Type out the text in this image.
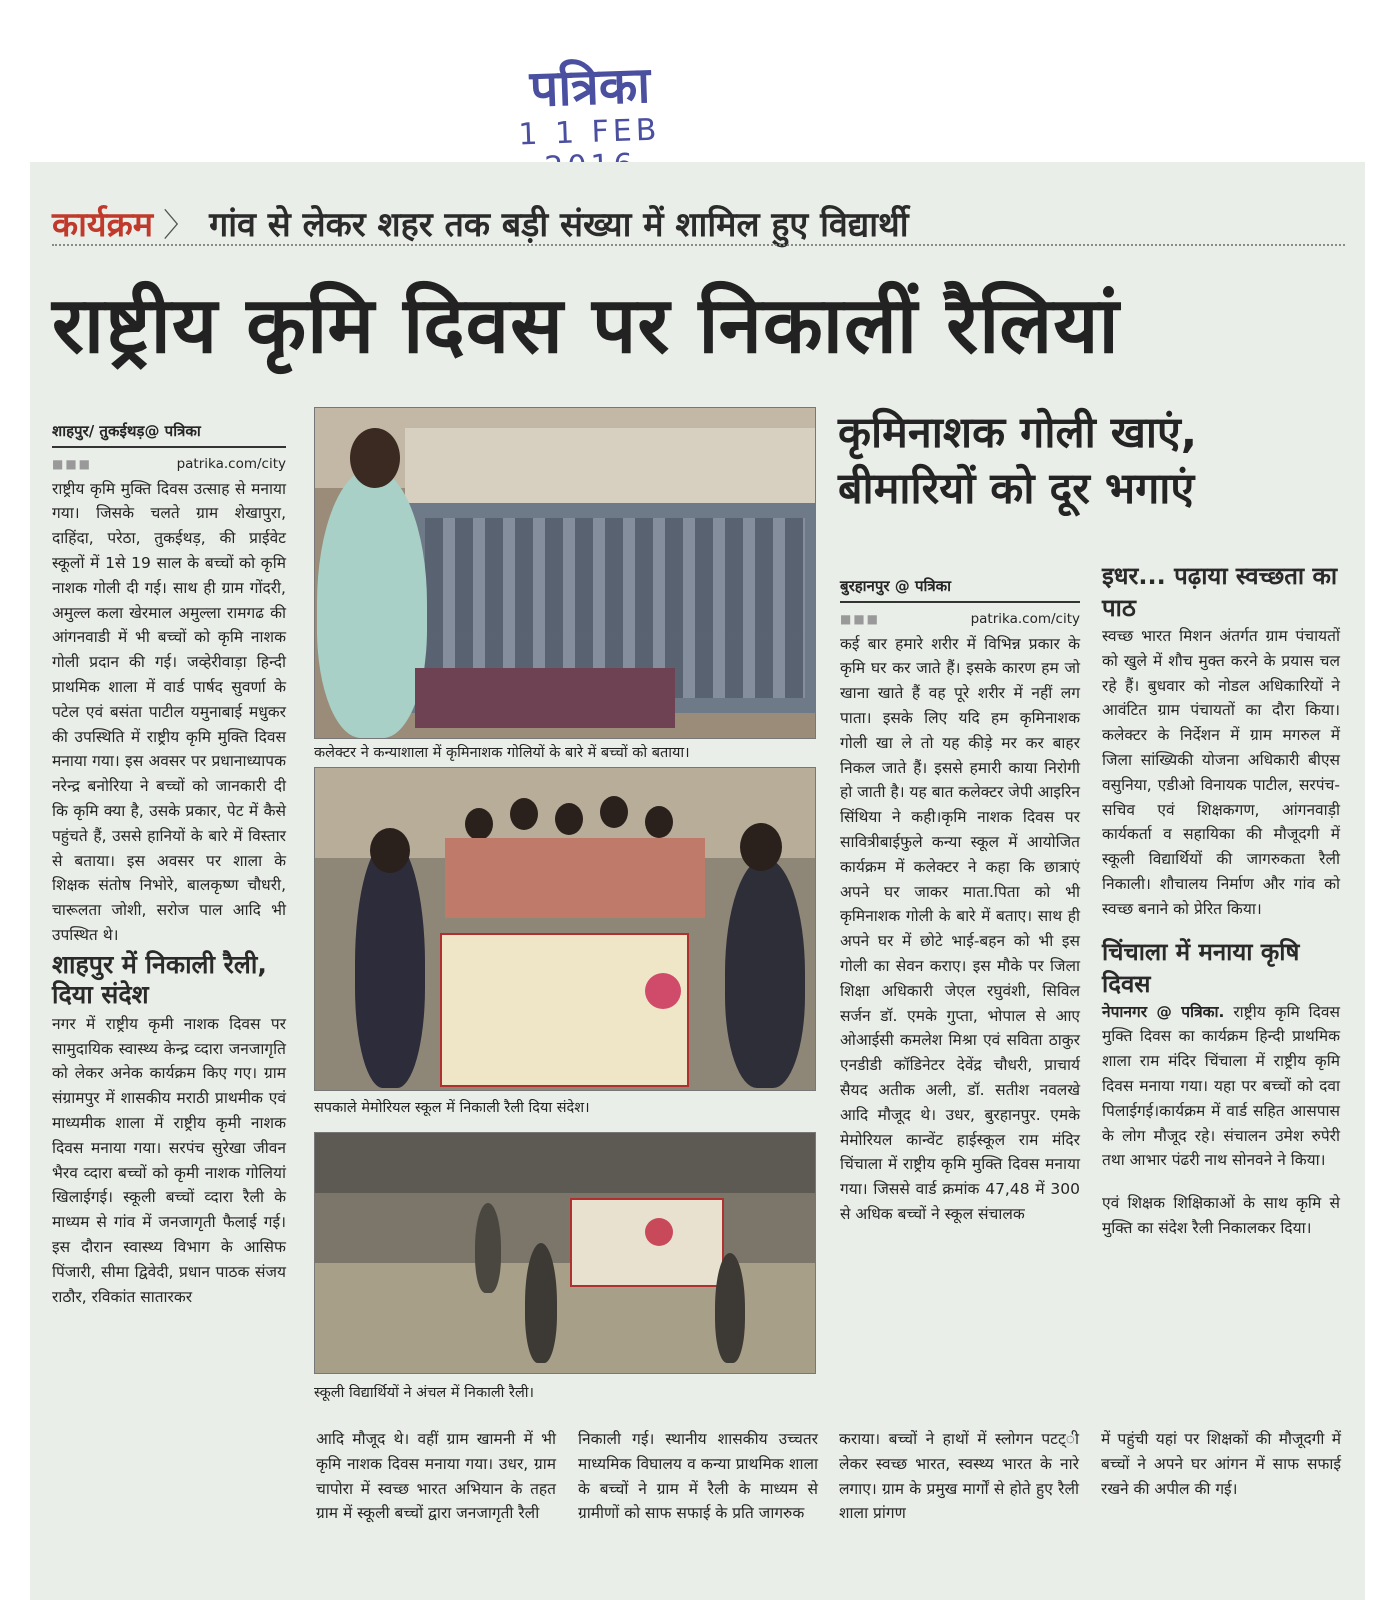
पत्रिका
1 1 FEB
कार्यक्रम 〉 गांव से लेकर शहर तक बड़ी संख्या में शामिल हुए विद्यार्थी
राष्ट्रीय कृमि दिवस पर निकालीं रैलियां
शाहपुर/ तुकईथड़@ पत्रिका
■■■	patrika.com/city

राष्ट्रीय कृमि मुक्ति दिवस उत्साह से मनाया गया। जिसके चलते ग्राम शेखापुरा, दाहिंदा, परेठा, तुकईथड़, की प्राईवेट स्कूलों में 1से 19 साल के बच्चों को कृमि नाशक गोली दी गई। साथ ही ग्राम गोंदरी, अमुल्ल कला खेरमाल अमुल्ला रामगढ की आंगनवाडी में भी बच्चों को कृमि नाशक गोली प्रदान की गई। जव्हेरीवाड़ा हिन्दी प्राथमिक शाला में वार्ड पार्षद सुवर्णा के पटेल एवं बसंता पाटील यमुनाबाई मधुकर की उपस्थिति में राष्ट्रीय कृमि मुक्ति दिवस मनाया गया। इस अवसर पर प्रधानाध्यापक नरेन्द्र बनोरिया ने बच्चों को जानकारी दी कि कृमि क्या है, उसके प्रकार, पेट में कैसे पहुंचते हैं, उससे हानियों के बारे में विस्तार से बताया। इस अवसर पर शाला के शिक्षक संतोष निभोरे, बालकृष्ण चौधरी, चारूलता जोशी, सरोज पाल आदि भी उपस्थित थे।

शाहपुर में निकाली रैली, दिया संदेश

नगर में राष्ट्रीय कृमी नाशक दिवस पर सामुदायिक स्वास्थ्य केन्द्र व्दारा जनजागृति को लेकर अनेक कार्यक्रम किए गए। ग्राम संग्रामपुर में शासकीय मराठी प्राथमीक एवं माध्यमीक शाला में राष्ट्रीय कृमी नाशक दिवस मनाया गया। सरपंच सुरेखा जीवन भैरव व्दारा बच्चों को कृमी नाशक गोलियां खिलाईगई। स्कूली बच्चों व्दारा रैली के माध्यम से गांव में जनजागृती फैलाई गई। इस दौरान स्वास्थ्य विभाग के आसिफ पिंजारी, सीमा द्विवेदी, प्रधान पाठक संजय राठौर, रविकांत सातारकर

कलेक्टर ने कन्याशाला में कृमिनाशक गोलियों के बारे में बच्चों को बताया।
सपकाले मेमोरियल स्कूल में निकाली रैली दिया संदेश।
स्कूली विद्यार्थियों ने अंचल में निकाली रैली।

आदि मौजूद थे। वहीं ग्राम खामनी में भी कृमि नाशक दिवस मनाया गया। उधर, ग्राम चापोरा में स्वच्छ भारत अभियान के तहत ग्राम में स्कूली बच्चों द्वारा जनजागृती रैली

निकाली गई। स्थानीय शासकीय उच्चतर माध्यमिक विघालय व कन्या प्राथमिक शाला के बच्चों ने ग्राम में रैली के माध्यम से ग्रामीणों को साफ सफाई के प्रति जागरुक

कराया। बच्चों ने हाथों में स्लोगन पटट्‌ी लेकर स्वच्छ भारत, स्वस्थ्य भारत के नारे लगाए। ग्राम के प्रमुख मार्गों से होते हुए रैली शाला प्रांगण

में पहुंची यहां पर शिक्षकों की मौजूदगी में बच्चों ने अपने घर आंगन में साफ सफाई रखने की अपील की गई।

कृमिनाशक गोली खाएं, बीमारियों को दूर भगाएं
बुरहानपुर @ पत्रिका
■■■	patrika.com/city

कई बार हमारे शरीर में विभिन्न प्रकार के कृमि घर कर जाते हैं। इसके कारण हम जो खाना खाते हैं वह पूरे शरीर में नहीं लग पाता। इसके लिए यदि हम कृमिनाशक गोली खा ले तो यह कीड़े मर कर बाहर निकल जाते हैं। इससे हमारी काया निरोगी हो जाती है। यह बात कलेक्टर जेपी आइरिन सिंथिया ने कही।कृमि नाशक दिवस पर सावित्रीबाईफुले कन्या स्कूल में आयोजित कार्यक्रम में कलेक्टर ने कहा कि छात्राएं अपने घर जाकर माता.पिता को भी कृमिनाशक गोली के बारे में बताए। साथ ही अपने घर में छोटे भाई-बहन को भी इस गोली का सेवन कराए। इस मौके पर जिला शिक्षा अधिकारी जेएल रघुवंशी, सिविल सर्जन डॉ. एमके गुप्ता, भोपाल से आए ओआईसी कमलेश मिश्रा एवं सविता ठाकुर एनडीडी कॉडिनेटर देवेंद्र चौधरी, प्राचार्य सैयद अतीक अली, डॉ. सतीश नवलखे आदि मौजूद थे। उधर, बुरहानपुर. एमके मेमोरियल कान्वेंट हाईस्कूल राम मंदिर चिंचाला में राष्ट्रीय कृमि मुक्ति दिवस मनाया गया। जिससे वार्ड क्रमांक 47,48 में 300 से अधिक बच्चों ने स्कूल संचालक

इधर... पढ़ाया स्वच्छता का पाठ

स्वच्छ भारत मिशन अंतर्गत ग्राम पंचायतों को खुले में शौच मुक्त करने के प्रयास चल रहे हैं। बुधवार को नोडल अधिकारियों ने आवंटित ग्राम पंचायतों का दौरा किया। कलेक्टर के निर्देशन में ग्राम मगरुल में जिला सांख्यिकी योजना अधिकारी बीएस वसुनिया, एडीओ विनायक पाटील, सरपंच-सचिव एवं शिक्षकगण, आंगनवाड़ी कार्यकर्ता व सहायिका की मौजूदगी में स्कूली विद्यार्थियों की जागरुकता रैली निकाली। शौचालय निर्माण और गांव को स्वच्छ बनाने को प्रेरित किया।

चिंचाला में मनाया कृषि दिवस

नेपानगर @ पत्रिका. राष्ट्रीय कृमि दिवस मुक्ति दिवस का कार्यक्रम हिन्दी प्राथमिक शाला राम मंदिर चिंचाला में राष्ट्रीय कृमि दिवस मनाया गया। यहा पर बच्चों को दवा पिलाईगई।कार्यक्रम में वार्ड सहित आसपास के लोग मौजूद रहे। संचालन उमेश रुपेरी तथा आभार पंढरी नाथ सोनवने ने किया।

एवं शिक्षक शिक्षिकाओं के साथ कृमि से मुक्ति का संदेश रैली निकालकर दिया।
